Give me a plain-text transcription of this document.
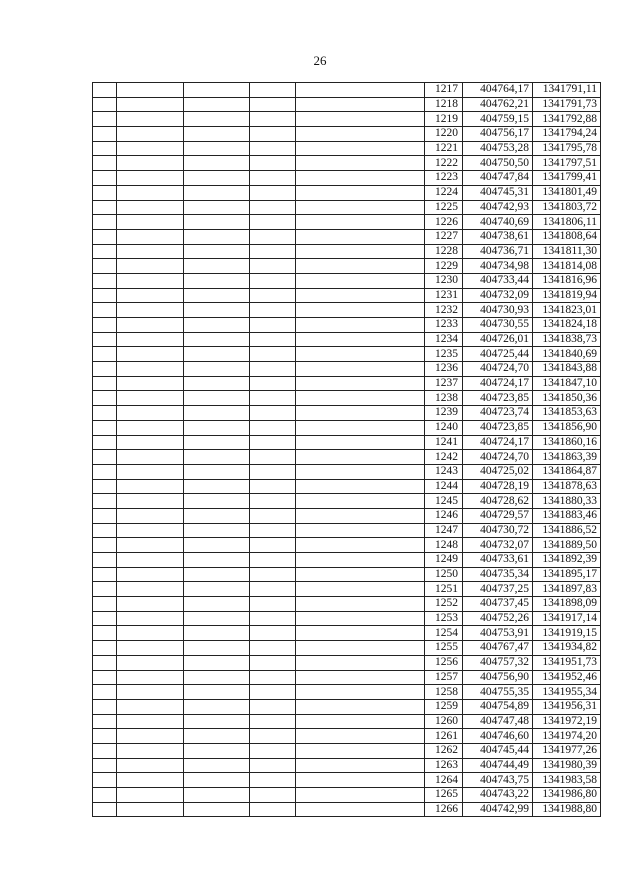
26
					1217	404764,17	1341791,11
					1218	404762,21	1341791,73
					1219	404759,15	1341792,88
					1220	404756,17	1341794,24
					1221	404753,28	1341795,78
					1222	404750,50	1341797,51
					1223	404747,84	1341799,41
					1224	404745,31	1341801,49
					1225	404742,93	1341803,72
					1226	404740,69	1341806,11
					1227	404738,61	1341808,64
					1228	404736,71	1341811,30
					1229	404734,98	1341814,08
					1230	404733,44	1341816,96
					1231	404732,09	1341819,94
					1232	404730,93	1341823,01
					1233	404730,55	1341824,18
					1234	404726,01	1341838,73
					1235	404725,44	1341840,69
					1236	404724,70	1341843,88
					1237	404724,17	1341847,10
					1238	404723,85	1341850,36
					1239	404723,74	1341853,63
					1240	404723,85	1341856,90
					1241	404724,17	1341860,16
					1242	404724,70	1341863,39
					1243	404725,02	1341864,87
					1244	404728,19	1341878,63
					1245	404728,62	1341880,33
					1246	404729,57	1341883,46
					1247	404730,72	1341886,52
					1248	404732,07	1341889,50
					1249	404733,61	1341892,39
					1250	404735,34	1341895,17
					1251	404737,25	1341897,83
					1252	404737,45	1341898,09
					1253	404752,26	1341917,14
					1254	404753,91	1341919,15
					1255	404767,47	1341934,82
					1256	404757,32	1341951,73
					1257	404756,90	1341952,46
					1258	404755,35	1341955,34
					1259	404754,89	1341956,31
					1260	404747,48	1341972,19
					1261	404746,60	1341974,20
					1262	404745,44	1341977,26
					1263	404744,49	1341980,39
					1264	404743,75	1341983,58
					1265	404743,22	1341986,80
					1266	404742,99	1341988,80
